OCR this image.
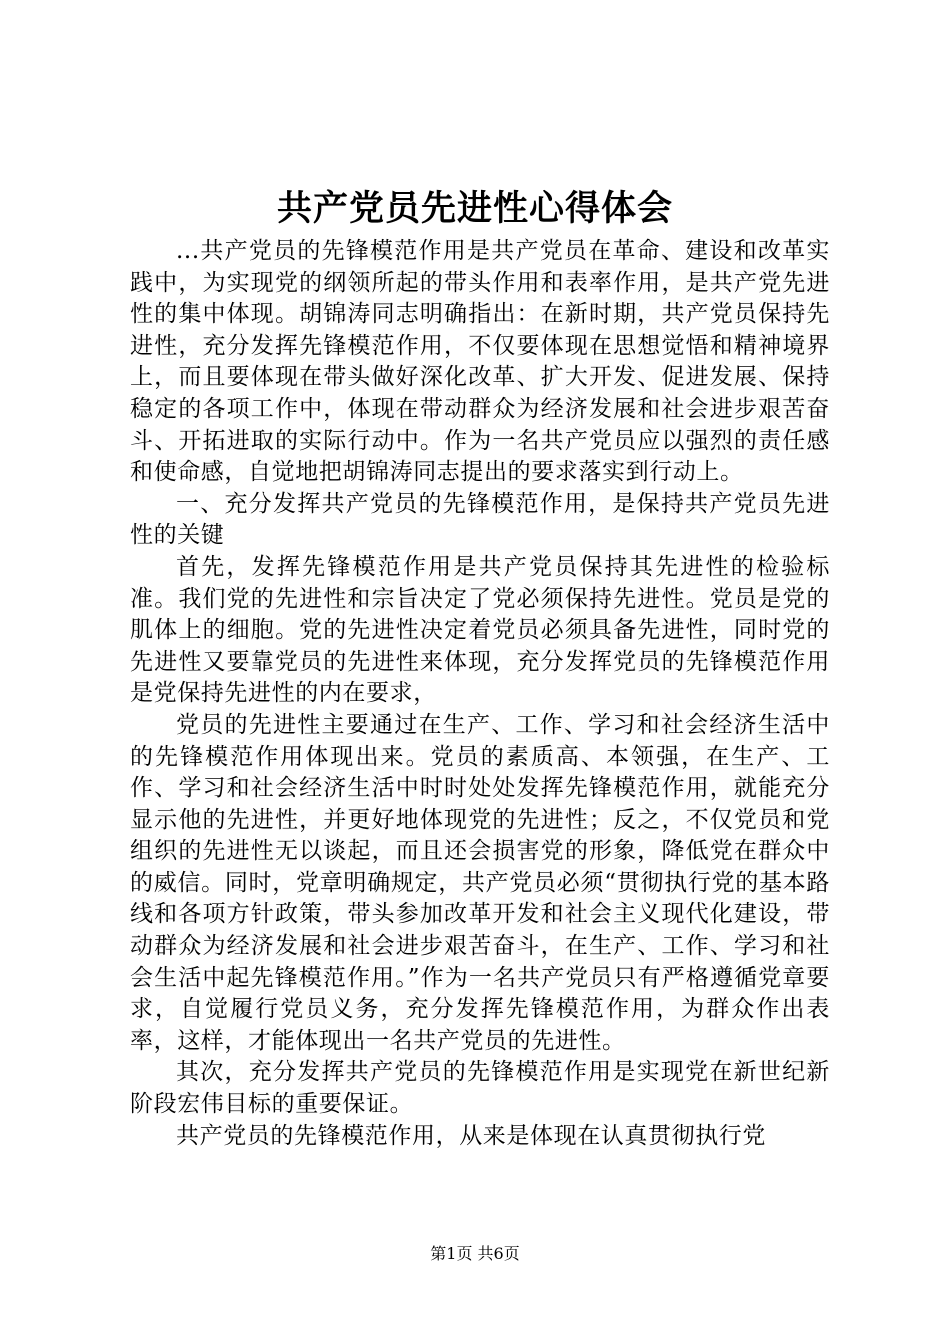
共产党员先进性心得体会

...共产党员的先锋模范作用是共产党员在革命、建设和改革实践中，为实现党的纲领所起的带头作用和表率作用，是共产党先进性的集中体现。胡锦涛同志明确指出：在新时期，共产党员保持先进性，充分发挥先锋模范作用，不仅要体现在思想觉悟和精神境界上，而且要体现在带头做好深化改革、扩大开发、促进发展、保持稳定的各项工作中，体现在带动群众为经济发展和社会进步艰苦奋斗、开拓进取的实际行动中。作为一名共产党员应以强烈的责任感和使命感，自觉地把胡锦涛同志提出的要求落实到行动上。

一、充分发挥共产党员的先锋模范作用，是保持共产党员先进性的关键

首先，发挥先锋模范作用是共产党员保持其先进性的检验标准。我们党的先进性和宗旨决定了党必须保持先进性。党员是党的肌体上的细胞。党的先进性决定着党员必须具备先进性，同时党的先进性又要靠党员的先进性来体现，充分发挥党员的先锋模范作用是党保持先进性的内在要求，

党员的先进性主要通过在生产、工作、学习和社会经济生活中的先锋模范作用体现出来。党员的素质高、本领强，在生产、工作、学习和社会经济生活中时时处处发挥先锋模范作用，就能充分显示他的先进性，并更好地体现党的先进性；反之，不仅党员和党组织的先进性无以谈起，而且还会损害党的形象，降低党在群众中的威信。同时，党章明确规定，共产党员必须“贯彻执行党的基本路线和各项方针政策，带头参加改革开发和社会主义现代化建设，带动群众为经济发展和社会进步艰苦奋斗，在生产、工作、学习和社会生活中起先锋模范作用。”作为一名共产党员只有严格遵循党章要求，自觉履行党员义务，充分发挥先锋模范作用，为群众作出表率，这样，才能体现出一名共产党员的先进性。

其次，充分发挥共产党员的先锋模范作用是实现党在新世纪新阶段宏伟目标的重要保证。

共产党员的先锋模范作用，从来是体现在认真贯彻执行党

第1页 共6页
